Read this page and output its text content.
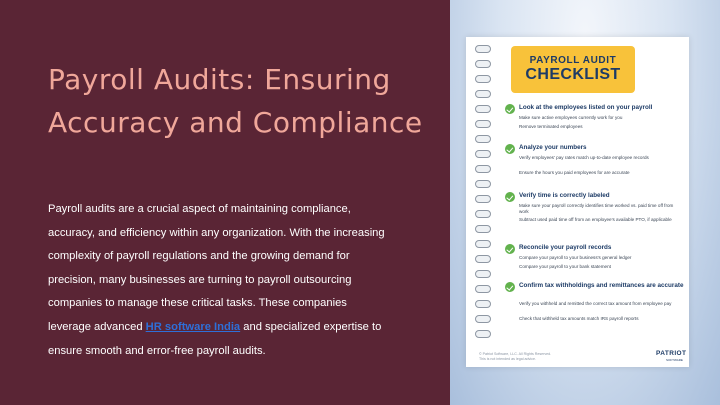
Payroll Audits: Ensuring Accuracy and Compliance

Payroll audits are a crucial aspect of maintaining compliance, accuracy, and efficiency within any organization. With the increasing complexity of payroll regulations and the growing demand for precision, many businesses are turning to payroll outsourcing companies to manage these critical tasks. These companies leverage advanced HR software India and specialized expertise to ensure smooth and error-free payroll audits.

PAYROLL AUDIT
CHECKLIST
Look at the employees listed on your payroll
Make sure active employees currently work for you
Remove terminated employees
Analyze your numbers
Verify employees' pay rates match up-to-date employee records
Ensure the hours you paid employees for are accurate
Verify time is correctly labeled
Make sure your payroll correctly identifies time worked vs. paid time off from work
Subtract used paid time off from an employee's available PTO, if applicable
Reconcile your payroll records
Compare your payroll to your business's general ledger
Compare your payroll to your bank statement
Confirm tax withholdings and remittances are accurate
Verify you withheld and remitted the correct tax amount from employee pay
Check that withheld tax amounts match IRS payroll reports
© Patriot Software, LLC. All Rights Reserved.
This is not intended as legal advice.
PATRIOT
SOFTWARE
